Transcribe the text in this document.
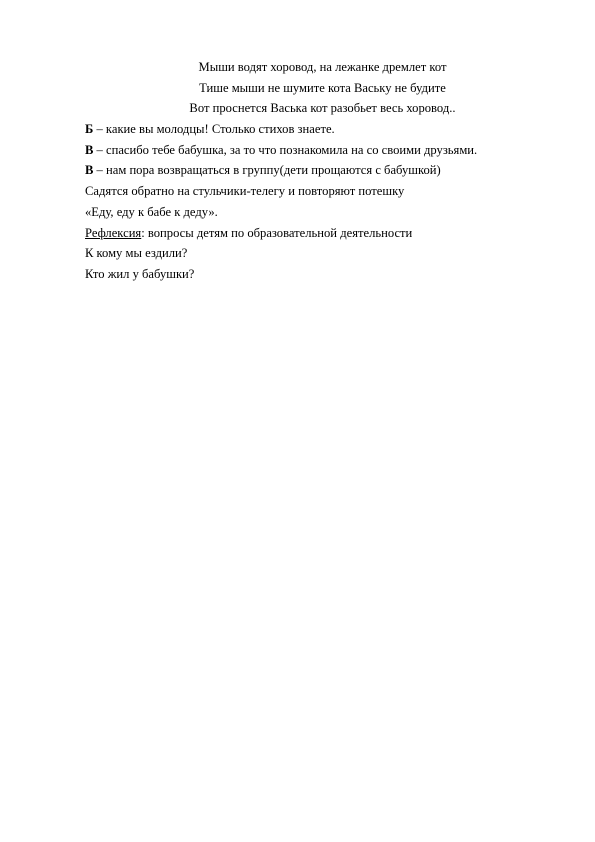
Мыши водят хоровод, на лежанке дремлет кот
Тише мыши не шумите кота Ваську не будите
Вот проснется Васька кот разобьет весь хоровод..
Б – какие вы молодцы! Столько стихов знаете.
В – спасибо тебе бабушка, за то что познакомила на со своими друзьями.
В – нам пора возвращаться в группу(дети прощаются с бабушкой)
Садятся обратно на стульчики-телегу и повторяют потешку
«Еду, еду к бабе к деду».
Рефлексия: вопросы детям по образовательной деятельности
К кому мы ездили?
Кто жил у бабушки?
